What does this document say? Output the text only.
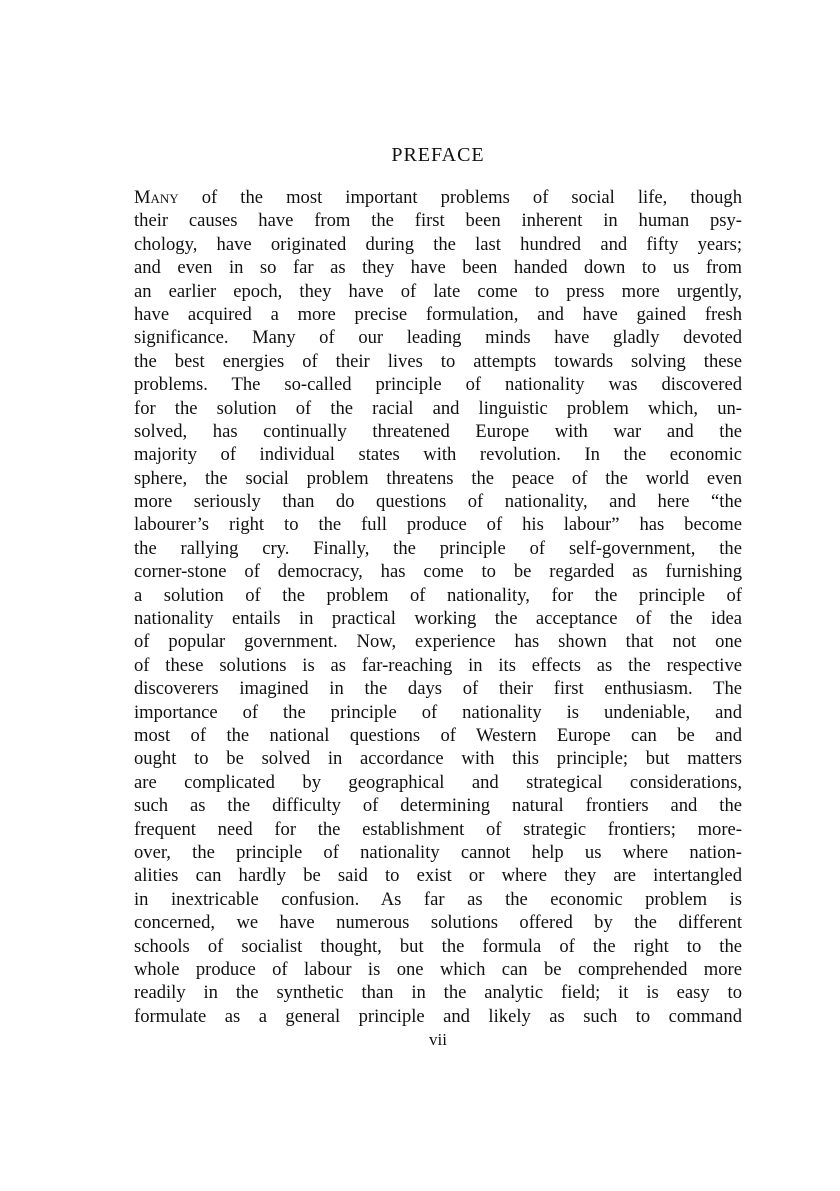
PREFACE
Many of the most important problems of social life, though
their causes have from the first been inherent in human psy-
chology, have originated during the last hundred and fifty years;
and even in so far as they have been handed down to us from
an earlier epoch, they have of late come to press more urgently,
have acquired a more precise formulation, and have gained fresh
significance. Many of our leading minds have gladly devoted
the best energies of their lives to attempts towards solving these
problems. The so-called principle of nationality was discovered
for the solution of the racial and linguistic problem which, un-
solved, has continually threatened Europe with war and the
majority of individual states with revolution. In the economic
sphere, the social problem threatens the peace of the world even
more seriously than do questions of nationality, and here “the
labourer’s right to the full produce of his labour” has become
the rallying cry. Finally, the principle of self-government, the
corner-stone of democracy, has come to be regarded as furnishing
a solution of the problem of nationality, for the principle of
nationality entails in practical working the acceptance of the idea
of popular government. Now, experience has shown that not one
of these solutions is as far-reaching in its effects as the respective
discoverers imagined in the days of their first enthusiasm. The
importance of the principle of nationality is undeniable, and
most of the national questions of Western Europe can be and
ought to be solved in accordance with this principle; but matters
are complicated by geographical and strategical considerations,
such as the difficulty of determining natural frontiers and the
frequent need for the establishment of strategic frontiers; more-
over, the principle of nationality cannot help us where nation-
alities can hardly be said to exist or where they are intertangled
in inextricable confusion. As far as the economic problem is
concerned, we have numerous solutions offered by the different
schools of socialist thought, but the formula of the right to the
whole produce of labour is one which can be comprehended more
readily in the synthetic than in the analytic field; it is easy to
formulate as a general principle and likely as such to command

vii
